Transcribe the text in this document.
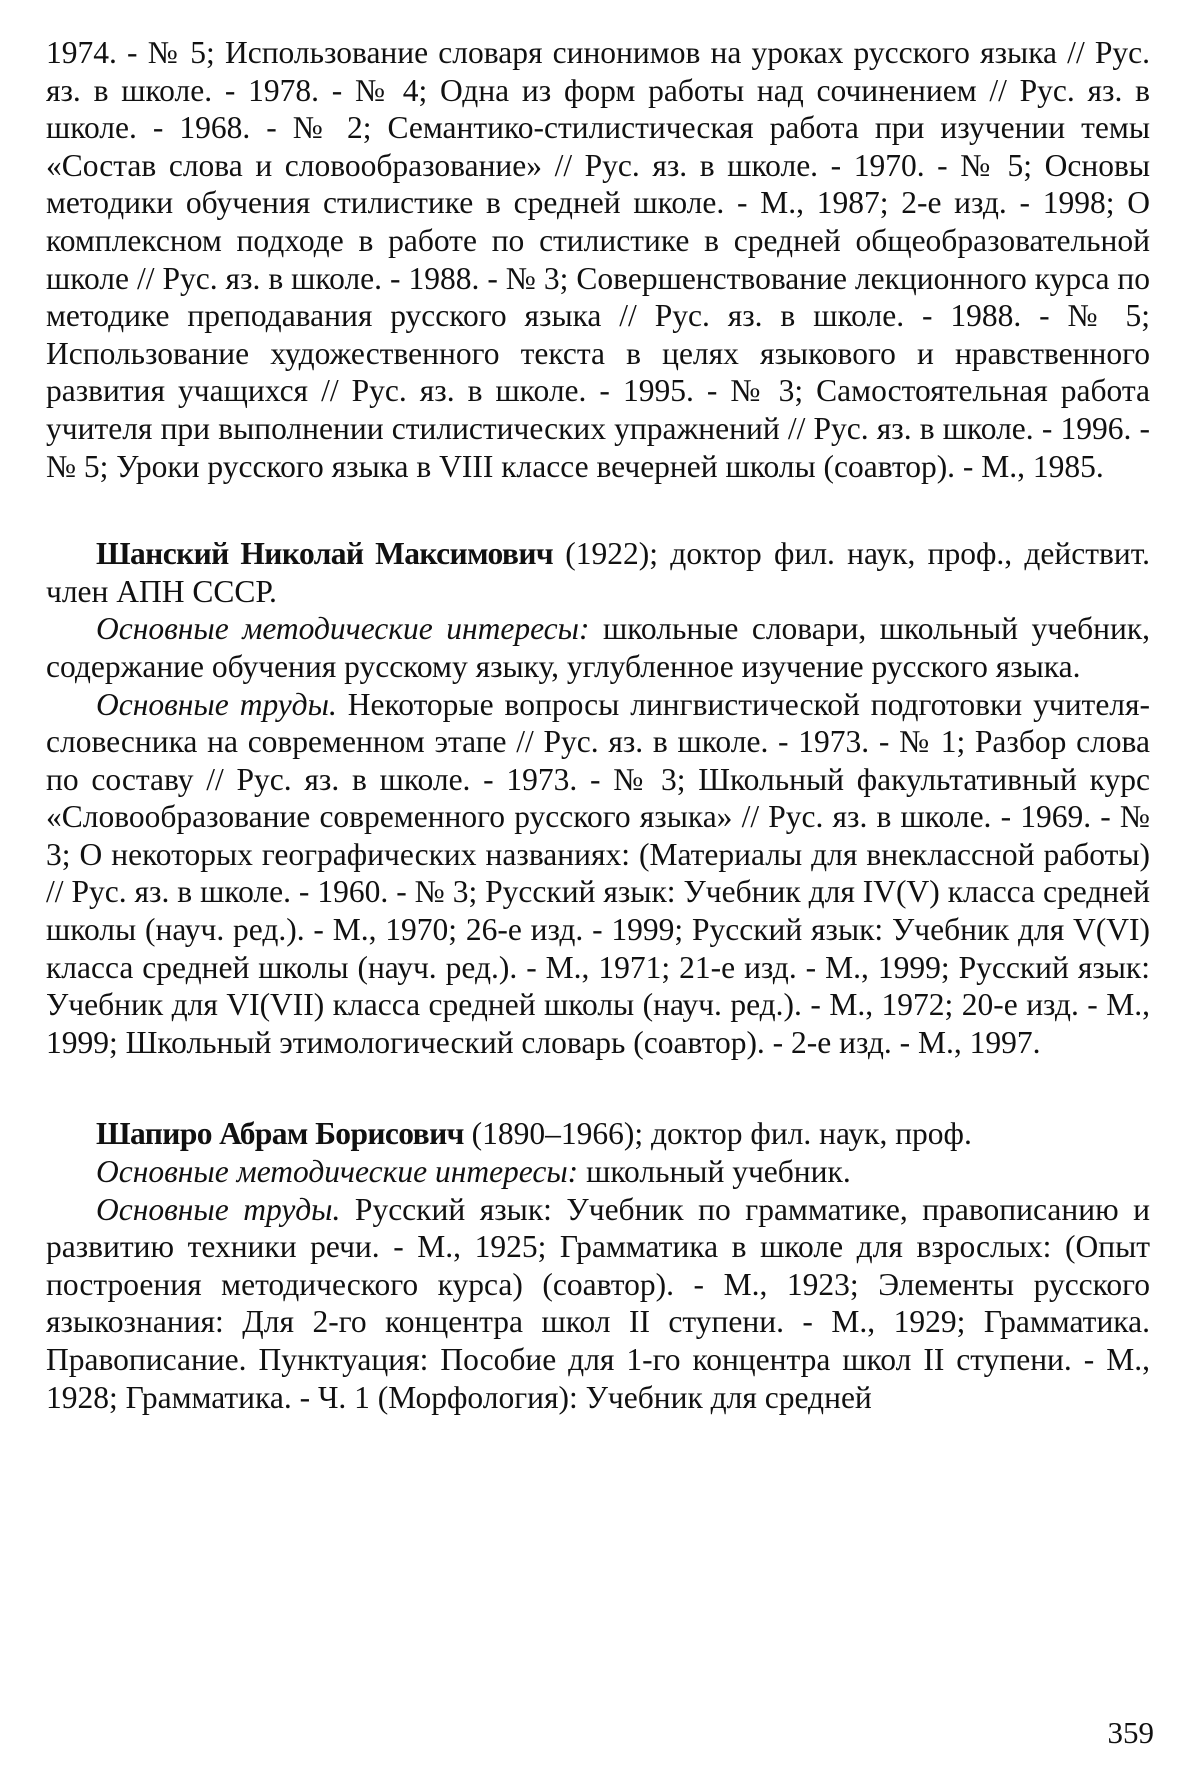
1974. - № 5; Использование словаря синонимов на уроках русского языка // Рус. яз. в школе. - 1978. - № 4; Одна из форм работы над сочинением // Рус. яз. в школе. - 1968. - № 2; Семантико-стилистическая работа при изучении темы «Состав слова и словообразование» // Рус. яз. в школе. - 1970. - № 5; Основы методики обучения стилистике в средней школе. - М., 1987; 2-е изд. - 1998; О комплексном подходе в работе по стилистике в средней общеобразовательной школе // Рус. яз. в школе. - 1988. - № 3; Совершенствование лекционного курса по методике преподавания русского языка // Рус. яз. в школе. - 1988. - № 5; Использование художественного текста в целях языкового и нравственного развития учащихся // Рус. яз. в школе. - 1995. - № 3; Самостоятельная работа учителя при выполнении стилистических упражнений // Рус. яз. в школе. - 1996. - № 5; Уроки русского языка в VIII классе вечерней школы (соавтор). - М., 1985.

Шанский Николай Максимович (1922); доктор фил. наук, проф., действит. член АПН СССР.

Основные методические интересы: школьные словари, школьный учебник, содержание обучения русскому языку, углубленное изучение русского языка.

Основные труды. Некоторые вопросы лингвистической подготовки учителя-словесника на современном этапе // Рус. яз. в школе. - 1973. - № 1; Разбор слова по составу // Рус. яз. в школе. - 1973. - № 3; Школьный факультативный курс «Словообразование современного русского языка» // Рус. яз. в школе. - 1969. - № 3; О некоторых географических названиях: (Материалы для внеклассной работы) // Рус. яз. в школе. - 1960. - № 3; Русский язык: Учебник для IV(V) класса средней школы (науч. ред.). - М., 1970; 26-е изд. - 1999; Русский язык: Учебник для V(VI) класса средней школы (науч. ред.). - М., 1971; 21-е изд. - М., 1999; Русский язык: Учебник для VI(VII) класса средней школы (науч. ред.). - М., 1972; 20-е изд. - М., 1999; Школьный этимологический словарь (соавтор). - 2-е изд. - М., 1997.

Шапиро Абрам Борисович (1890–1966); доктор фил. наук, проф.

Основные методические интересы: школьный учебник.

Основные труды. Русский язык: Учебник по грамматике, правописанию и развитию техники речи. - М., 1925; Грамматика в школе для взрослых: (Опыт построения методического курса) (соавтор). - М., 1923; Элементы русского языкознания: Для 2-го концентра школ II ступени. - М., 1929; Грамматика. Правописание. Пунктуация: Пособие для 1-го концентра школ II ступени. - М., 1928; Грамматика. - Ч. 1 (Морфология): Учебник для средней

359
